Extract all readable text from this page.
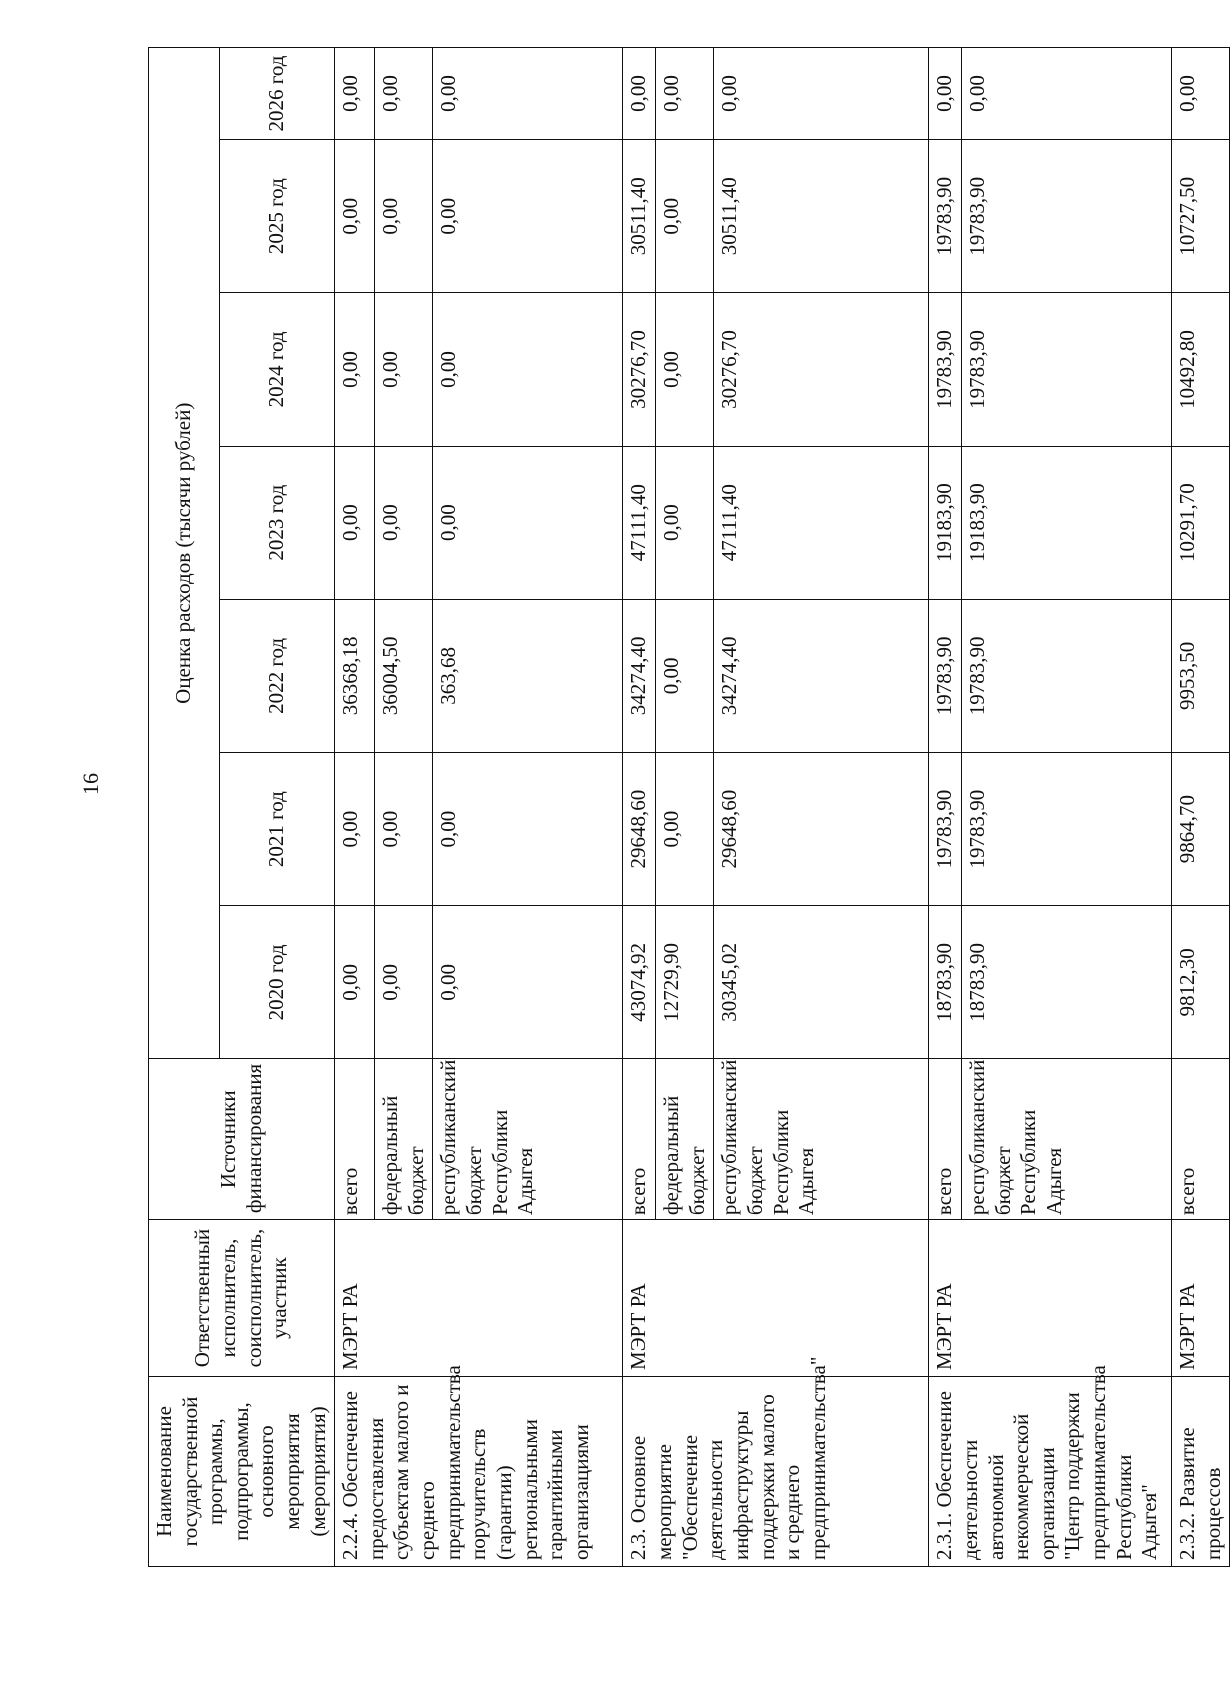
16
Наименование государственной программы, подпрограммы, основного мероприятия (мероприятия)	Ответственный исполнитель, соисполнитель, участник	Источники финансирования	Оценка расходов (тысячи рублей)						
			2020 год	2021 год	2022 год	2023 год	2024 год	2025 год	2026 год
2.2.4. Обеспечение предоставления субъектам малого и среднего предпринимательства поручительств (гарантии) региональными гарантийными организациями	МЭРТ РА	всего	0,00	0,00	36368,18	0,00	0,00	0,00	0,00
		федеральный бюджет	0,00	0,00	36004,50	0,00	0,00	0,00	0,00
		республиканский бюджет Республики Адыгея	0,00	0,00	363,68	0,00	0,00	0,00	0,00
2.3. Основное мероприятие "Обеспечение деятельности инфраструктуры поддержки малого и среднего предпринимательства"	МЭРТ РА	всего	43074,92	29648,60	34274,40	47111,40	30276,70	30511,40	0,00
		федеральный бюджет	12729,90	0,00	0,00	0,00	0,00	0,00	0,00
		республиканский бюджет Республики Адыгея	30345,02	29648,60	34274,40	47111,40	30276,70	30511,40	0,00
2.3.1. Обеспечение деятельности автономной некоммерческой организации "Центр поддержки предпринимательства Республики Адыгея"	МЭРТ РА	всего	18783,90	19783,90	19783,90	19183,90	19783,90	19783,90	0,00
		республиканский бюджет Республики Адыгея	18783,90	19783,90	19783,90	19183,90	19783,90	19783,90	0,00
2.3.2. Развитие процессов	МЭРТ РА	всего	9812,30	9864,70	9953,50	10291,70	10492,80	10727,50	0,00
